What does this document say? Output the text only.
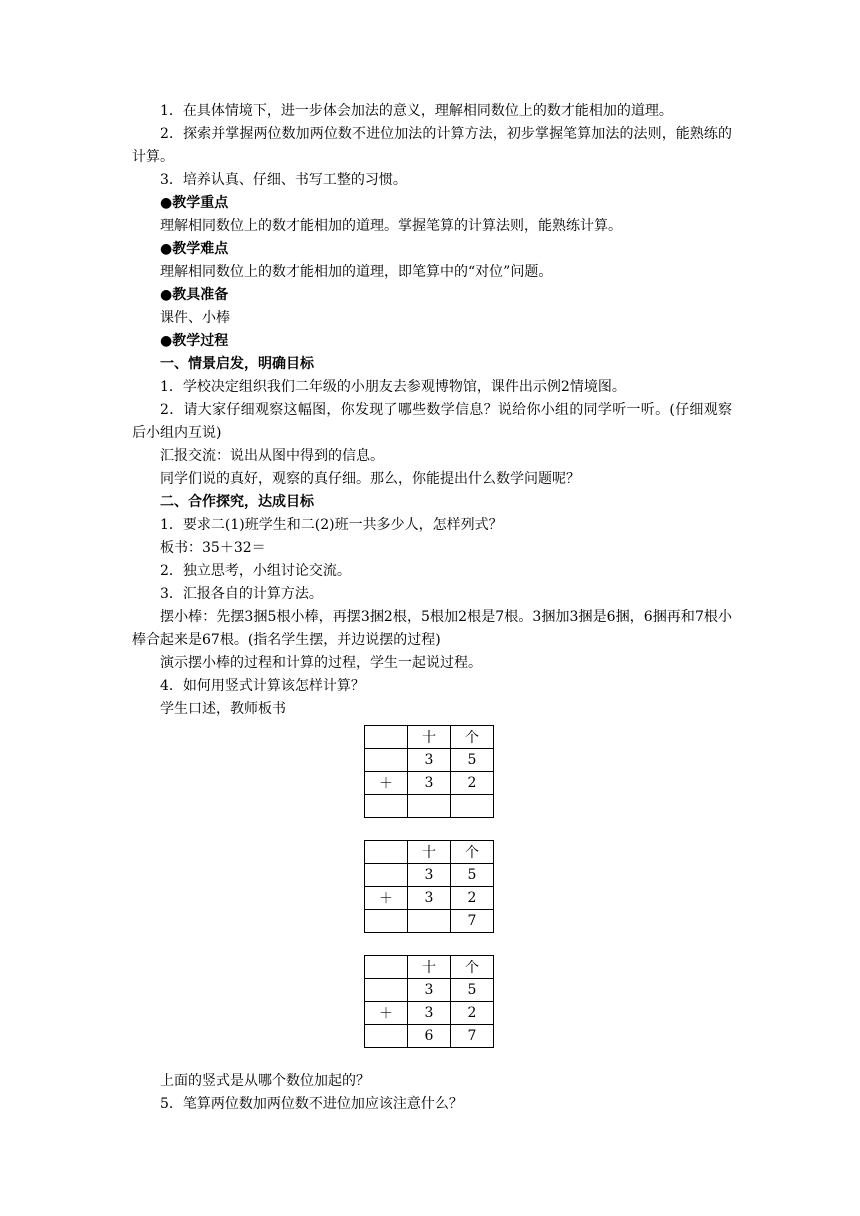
1．在具体情境下，进一步体会加法的意义，理解相同数位上的数才能相加的道理。

2．探索并掌握两位数加两位数不进位加法的计算方法，初步掌握笔算加法的法则，能熟练的计算。

3．培养认真、仔细、书写工整的习惯。

●教学重点

理解相同数位上的数才能相加的道理。掌握笔算的计算法则，能熟练计算。

●教学难点

理解相同数位上的数才能相加的道理，即笔算中的“对位”问题。

●教具准备

课件、小棒

●教学过程
一、情景启发，明确目标

1．学校决定组织我们二年级的小朋友去参观博物馆，课件出示例2情境图。

2．请大家仔细观察这幅图，你发现了哪些数学信息？说给你小组的同学听一听。(仔细观察后小组内互说)

汇报交流：说出从图中得到的信息。

同学们说的真好，观察的真仔细。那么，你能提出什么数学问题呢？

二、合作探究，达成目标

1．要求二(1)班学生和二(2)班一共多少人，怎样列式？

板书：35＋32＝

2．独立思考，小组讨论交流。

3．汇报各自的计算方法。

摆小棒：先摆3捆5根小棒，再摆3捆2根，5根加2根是7根。3捆加3捆是6捆，6捆再和7根小棒合起来是67根。(指名学生摆，并边说摆的过程)

演示摆小棒的过程和计算的过程，学生一起说过程。

4．如何用竖式计算该怎样计算？

学生口述，教师板书

	十	个
	3	5
＋	3	2

	十	个
	3	5
＋	3	2
		7
	十	个
	3	5
＋	3	2
	6	7

上面的竖式是从哪个数位加起的？

5．笔算两位数加两位数不进位加应该注意什么？
